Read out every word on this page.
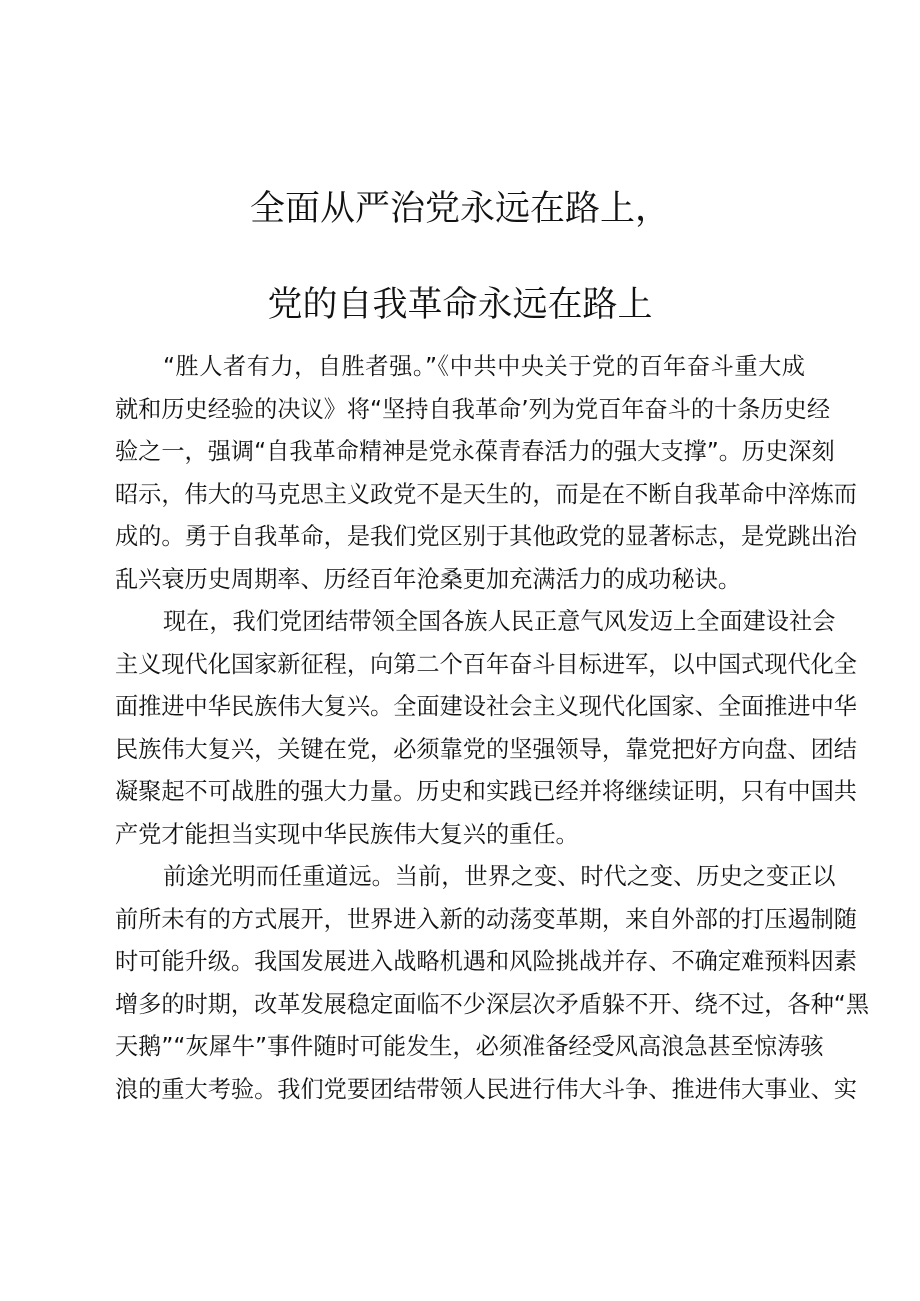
全面从严治党永远在路上，
党的自我革命永远在路上

“胜人者有力，自胜者强。”《中共中央关于党的百年奋斗重大成
就和历史经验的决议》将“坚持自我革命’列为党百年奋斗的十条历史经
验之一，强调“自我革命精神是党永葆青春活力的强大支撑”。历史深刻
昭示，伟大的马克思主义政党不是天生的，而是在不断自我革命中淬炼而
成的。勇于自我革命，是我们党区别于其他政党的显著标志，是党跳出治
乱兴衰历史周期率、历经百年沧桑更加充满活力的成功秘诀。

现在，我们党团结带领全国各族人民正意气风发迈上全面建设社会
主义现代化国家新征程，向第二个百年奋斗目标进军，以中国式现代化全
面推进中华民族伟大复兴。全面建设社会主义现代化国家、全面推进中华
民族伟大复兴，关键在党，必须靠党的坚强领导，靠党把好方向盘、团结
凝聚起不可战胜的强大力量。历史和实践已经并将继续证明，只有中国共
产党才能担当实现中华民族伟大复兴的重任。

前途光明而任重道远。当前，世界之变、时代之变、历史之变正以
前所未有的方式展开，世界进入新的动荡变革期，来自外部的打压遏制随
时可能升级。我国发展进入战略机遇和风险挑战并存、不确定难预料因素
增多的时期，改革发展稳定面临不少深层次矛盾躲不开、绕不过，各种“黑
天鹅”“灰犀牛”事件随时可能发生，必须准备经受风高浪急甚至惊涛骇
浪的重大考验。我们党要团结带领人民进行伟大斗争、推进伟大事业、实
